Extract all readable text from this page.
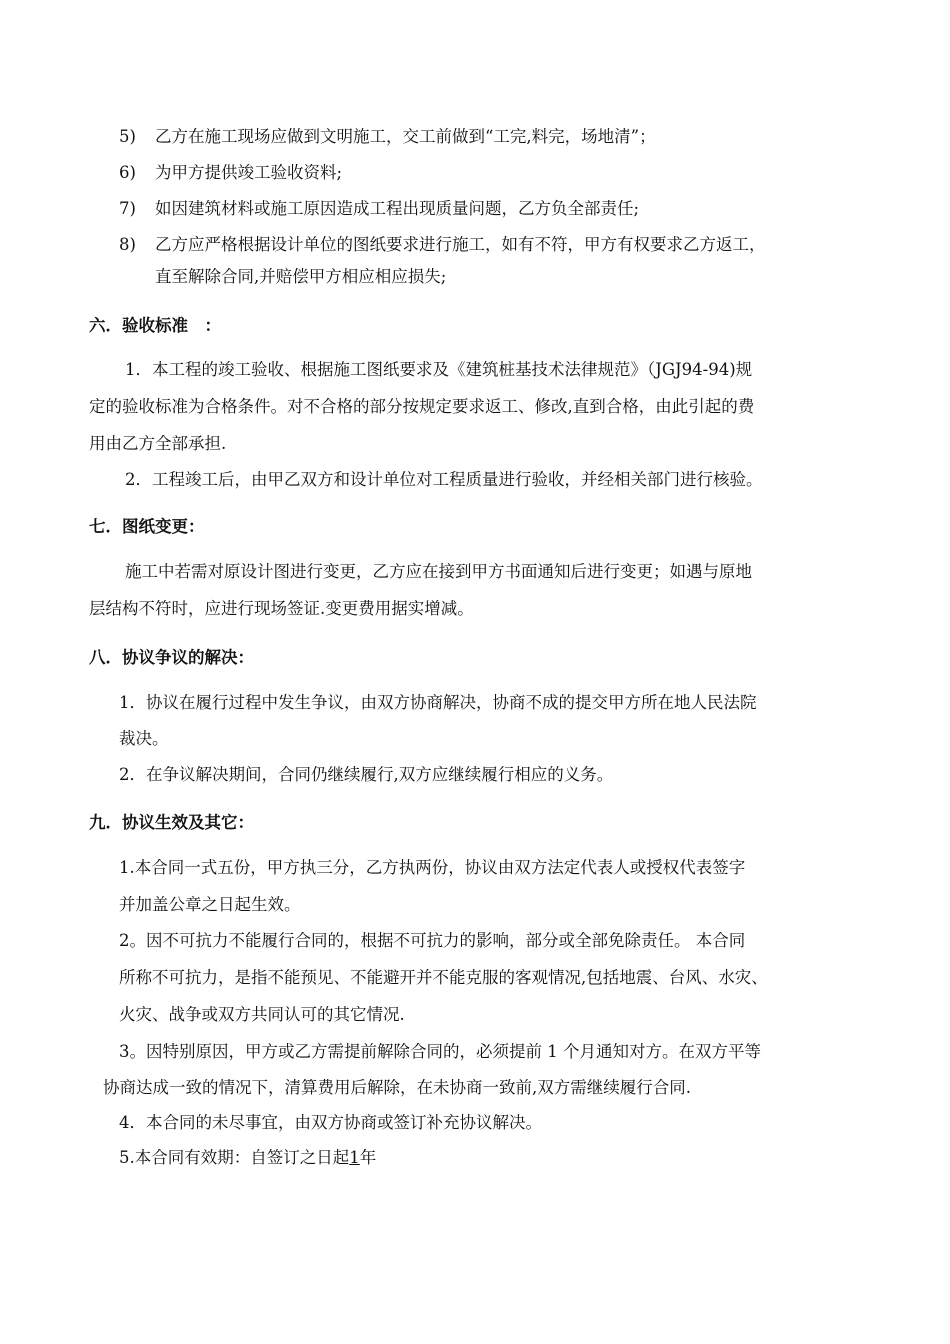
5) 乙方在施工现场应做到文明施工，交工前做到“工完,料完，场地清”；
6) 为甲方提供竣工验收资料;
7) 如因建筑材料或施工原因造成工程出现质量问题，乙方负全部责任;
8) 乙方应严格根据设计单位的图纸要求进行施工，如有不符，甲方有权要求乙方返工，
直至解除合同,并赔偿甲方相应相应损失;
六．验收标准　：
1．本工程的竣工验收、根据施工图纸要求及《建筑桩基技术法律规范》（JGJ94-94)规
定的验收标准为合格条件。对不合格的部分按规定要求返工、修改,直到合格，由此引起的费
用由乙方全部承担.
2．工程竣工后，由甲乙双方和设计单位对工程质量进行验收，并经相关部门进行核验。
七．图纸变更：
施工中若需对原设计图进行变更，乙方应在接到甲方书面通知后进行变更；如遇与原地
层结构不符时，应进行现场签证.变更费用据实增减。
八．协议争议的解决：
1．协议在履行过程中发生争议，由双方协商解决，协商不成的提交甲方所在地人民法院
裁决。
2．在争议解决期间，合同仍继续履行,双方应继续履行相应的义务。
九．协议生效及其它：
1.本合同一式五份，甲方执三分，乙方执两份，协议由双方法定代表人或授权代表签字
并加盖公章之日起生效。
2。因不可抗力不能履行合同的，根据不可抗力的影响，部分或全部免除责任。 本合同
所称不可抗力，是指不能预见、不能避开并不能克服的客观情况,包括地震、台风、水灾、
火灾、战争或双方共同认可的其它情况.
3。因特别原因，甲方或乙方需提前解除合同的，必须提前 1 个月通知对方。在双方平等
协商达成一致的情况下，清算费用后解除，在未协商一致前,双方需继续履行合同.
4．本合同的未尽事宜，由双方协商或签订补充协议解决。
5.本合同有效期：自签订之日起1年
